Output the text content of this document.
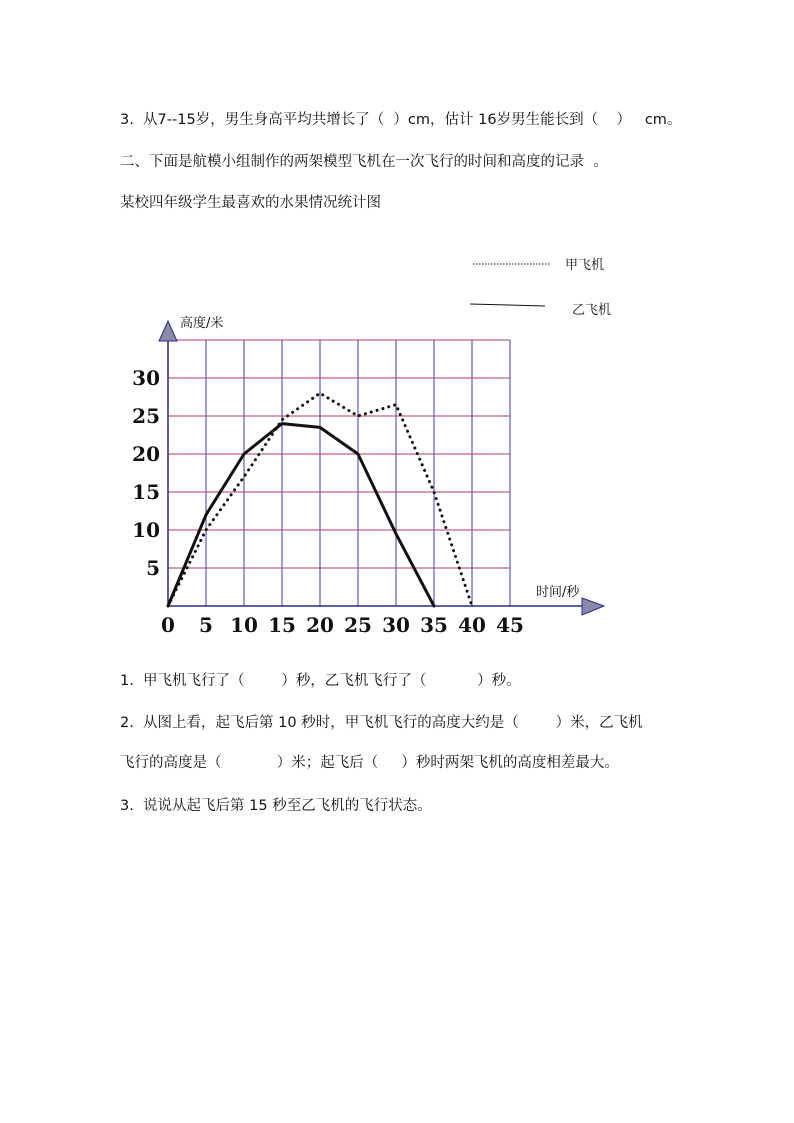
3.  从7--15岁，男生身高平均共增长了（  ）cm，估计 16岁男生能长到（    ）   cm。
二、下面是航模小组制作的两架模型飞机在一次飞行的时间和高度的记录  。
某校四年级学生最喜欢的水果情况统计图
甲飞机
乙飞机
高度/米
时间/秒
0 5 10 15 20 25 30 35 40 45
5
10
15
20
25
30
1.  甲飞机飞行了（        ）秒，乙飞机飞行了（           ）秒。
2.  从图上看，起飞后第 10 秒时，甲飞机飞行的高度大约是（        ）米，乙飞机
飞行的高度是（            ）米；起飞后（     ）秒时两架飞机的高度相差最大。
3.  说说从起飞后第 15 秒至乙飞机的飞行状态。
